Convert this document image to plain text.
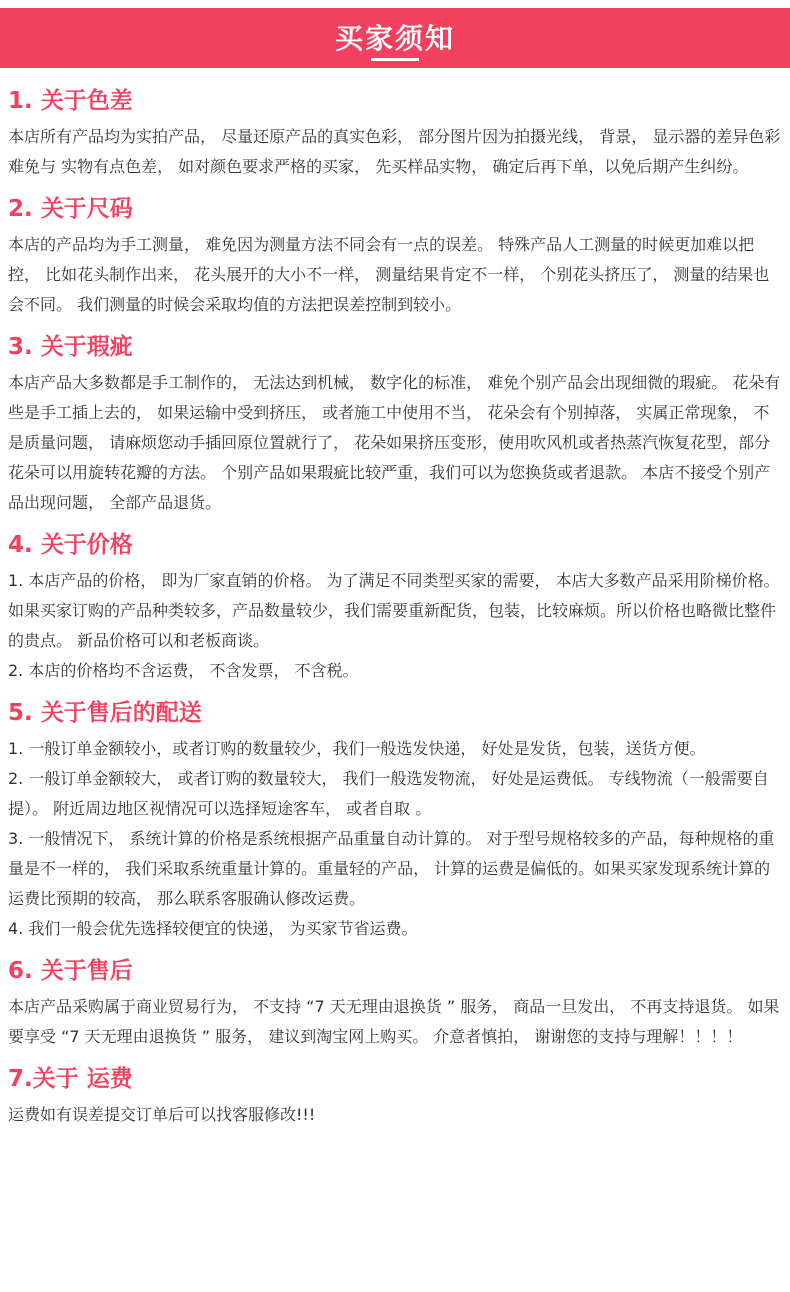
买家须知
1. 关于色差

本店所有产品均为实拍产品， 尽量还原产品的真实色彩， 部分图片因为拍摄光线， 背景， 显示器的差异色彩难免与 实物有点色差， 如对颜色要求严格的买家， 先买样品实物， 确定后再下单，以免后期产生纠纷。

2. 关于尺码

本店的产品均为手工测量， 难免因为测量方法不同会有一点的误差。 特殊产品人工测量的时候更加难以把控， 比如花头制作出来， 花头展开的大小不一样， 测量结果肯定不一样， 个别花头挤压了， 测量的结果也会不同。 我们测量的时候会采取均值的方法把误差控制到较小。

3. 关于瑕疵

本店产品大多数都是手工制作的， 无法达到机械， 数字化的标准， 难免个别产品会出现细微的瑕疵。 花朵有些是手工插上去的， 如果运输中受到挤压， 或者施工中使用不当， 花朵会有个别掉落， 实属正常现象， 不是质量问题， 请麻烦您动手插回原位置就行了， 花朵如果挤压变形，使用吹风机或者热蒸汽恢复花型，部分花朵可以用旋转花瓣的方法。 个别产品如果瑕疵比较严重，我们可以为您换货或者退款。 本店不接受个别产品出现问题， 全部产品退货。

4. 关于价格

1. 本店产品的价格， 即为厂家直销的价格。 为了满足不同类型买家的需要， 本店大多数产品采用阶梯价格。 如果买家订购的产品种类较多，产品数量较少，我们需要重新配货，包装，比较麻烦。所以价格也略微比整件的贵点。 新品价格可以和老板商谈。

2. 本店的价格均不含运费， 不含发票， 不含税。

5. 关于售后的配送

1. 一般订单金额较小，或者订购的数量较少，我们一般选发快递， 好处是发货，包装，送货方便。

2. 一般订单金额较大， 或者订购的数量较大， 我们一般选发物流， 好处是运费低。 专线物流（一般需要自提）。 附近周边地区视情况可以选择短途客车， 或者自取 。

3. 一般情况下， 系统计算的价格是系统根据产品重量自动计算的。 对于型号规格较多的产品，每种规格的重量是不一样的， 我们采取系统重量计算的。重量轻的产品， 计算的运费是偏低的。如果买家发现系统计算的运费比预期的较高， 那么联系客服确认修改运费。

4. 我们一般会优先选择较便宜的快递， 为买家节省运费。

6. 关于售后

本店产品采购属于商业贸易行为， 不支持 “7 天无理由退换货 ” 服务， 商品一旦发出， 不再支持退货。 如果要享受 “7 天无理由退换货 ” 服务， 建议到淘宝网上购买。 介意者慎拍， 谢谢您的支持与理解！！！！

7.关于 运费

运费如有误差提交订单后可以找客服修改!!!
